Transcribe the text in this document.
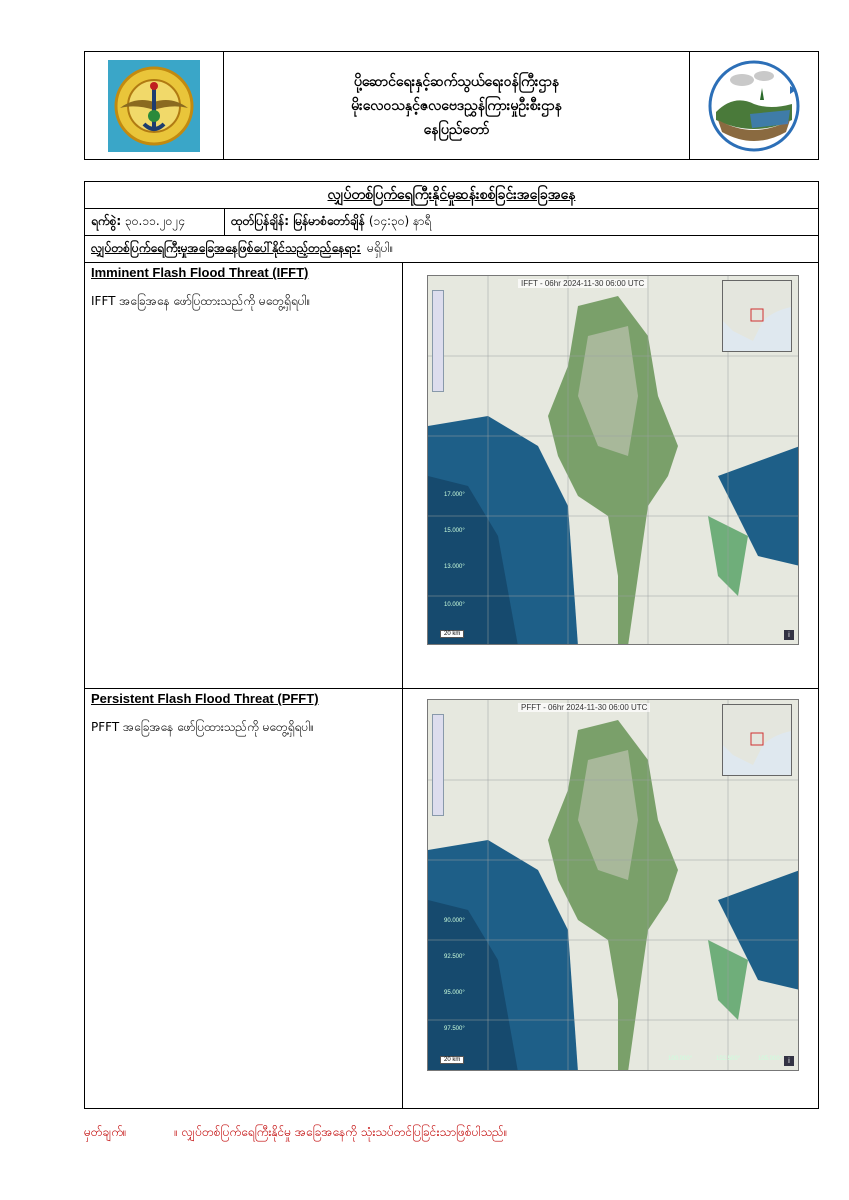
ပို့ဆောင်ရေးနှင့်ဆက်သွယ်ရေးဝန်ကြီးဌာန
မိုးလေဝသနှင့်ဇလဗေဒညွှန်ကြားမှုဦးစီးဌာန
နေပြည်တော်
လျှပ်တစ်ပြက်ရေကြီးနိုင်မှုဆန်းစစ်ခြင်းအခြေအနေ
ရက်စွဲ:
၃၀.၁၁.၂၀၂၄	ထုတ်ပြန်ချိန်: မြန်မာစံတော်ချိန် (၁၄:၃၀) နာရီ
လျှပ်တစ်ပြက်ရေကြီးမှုအခြေအနေဖြစ်ပေါ်နိုင်သည့်တည်နေရာ: မရှိပါ။
Imminent Flash Flood Threat (IFFT)

IFFT အခြေအနေ ဖော်ပြထားသည်ကို မတွေ့ရှိရပါ။

IFFT - 06hr 2024-11-30 06:00 UTC
17.000°
15.000°
13.000°
10.000°
20 km	i
Persistent Flash Flood Threat (PFFT)

PFFT အခြေအနေ ဖော်ပြထားသည်ကို မတွေ့ရှိရပါ။

PFFT - 06hr 2024-11-30 06:00 UTC
90.000°
92.500°
95.000°
97.500°
100.000°	102.500°	105.000°
20 km	i
မှတ်ချက်။	။ လျှပ်တစ်ပြက်ရေကြီးနိုင်မှု အခြေအနေကို သုံးသပ်တင်ပြခြင်းသာဖြစ်ပါသည်။
